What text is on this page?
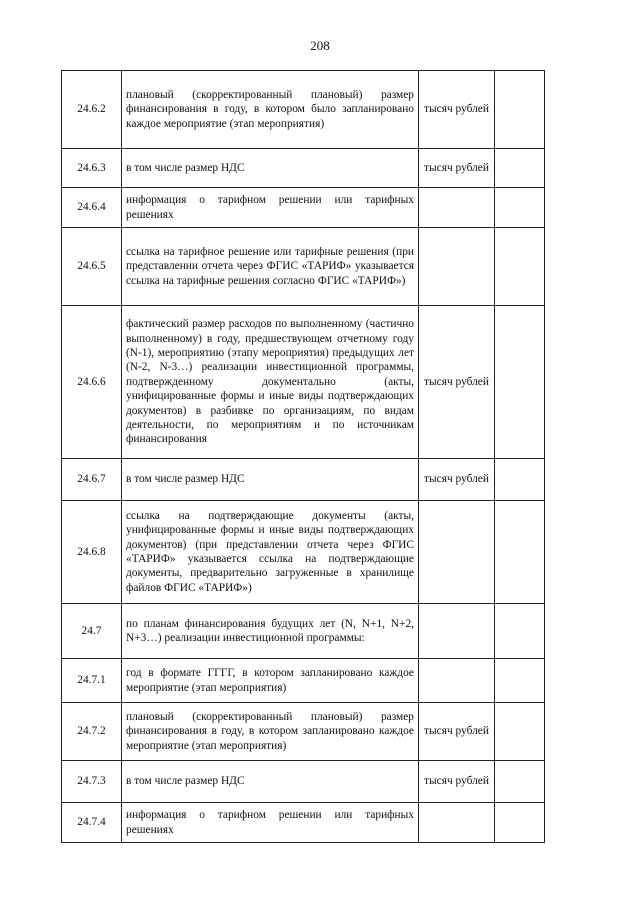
208
24.6.2	плановый (скорректированный плановый) размер финансирования в году, в котором было запланировано каждое мероприятие (этап мероприятия)	тысяч рублей	
24.6.3	в том числе размер НДС	тысяч рублей	
24.6.4	информация о тарифном решении или тарифных решениях		
24.6.5	ссылка на тарифное решение или тарифные решения (при представлении отчета через ФГИС «ТАРИФ» указывается ссылка на тарифные решения согласно ФГИС «ТАРИФ»)		
24.6.6	фактический размер расходов по выполненному (частично выполненному) в году, предшествующем отчетному году (N-1), мероприятию (этапу мероприятия) предыдущих лет (N-2, N-3…) реализации инвестиционной программы, подтвержденному документально (акты, унифицированные формы и иные виды подтверждающих документов) в разбивке по организациям, по видам деятельности, по мероприятиям и по источникам финансирования	тысяч рублей	
24.6.7	в том числе размер НДС	тысяч рублей	
24.6.8	ссылка на подтверждающие документы (акты, унифицированные формы и иные виды подтверждающих документов) (при представлении отчета через ФГИС «ТАРИФ» указывается ссылка на подтверждающие документы, предварительно загруженные в хранилище файлов ФГИС «ТАРИФ»)		
24.7	по планам финансирования будущих лет (N, N+1, N+2, N+3…) реализации инвестиционной программы:		
24.7.1	год в формате ГГГГ, в котором запланировано каждое мероприятие (этап мероприятия)		
24.7.2	плановый (скорректированный плановый) размер финансирования в году, в котором запланировано каждое мероприятие (этап мероприятия)	тысяч рублей	
24.7.3	в том числе размер НДС	тысяч рублей	
24.7.4	информация о тарифном решении или тарифных решениях		
